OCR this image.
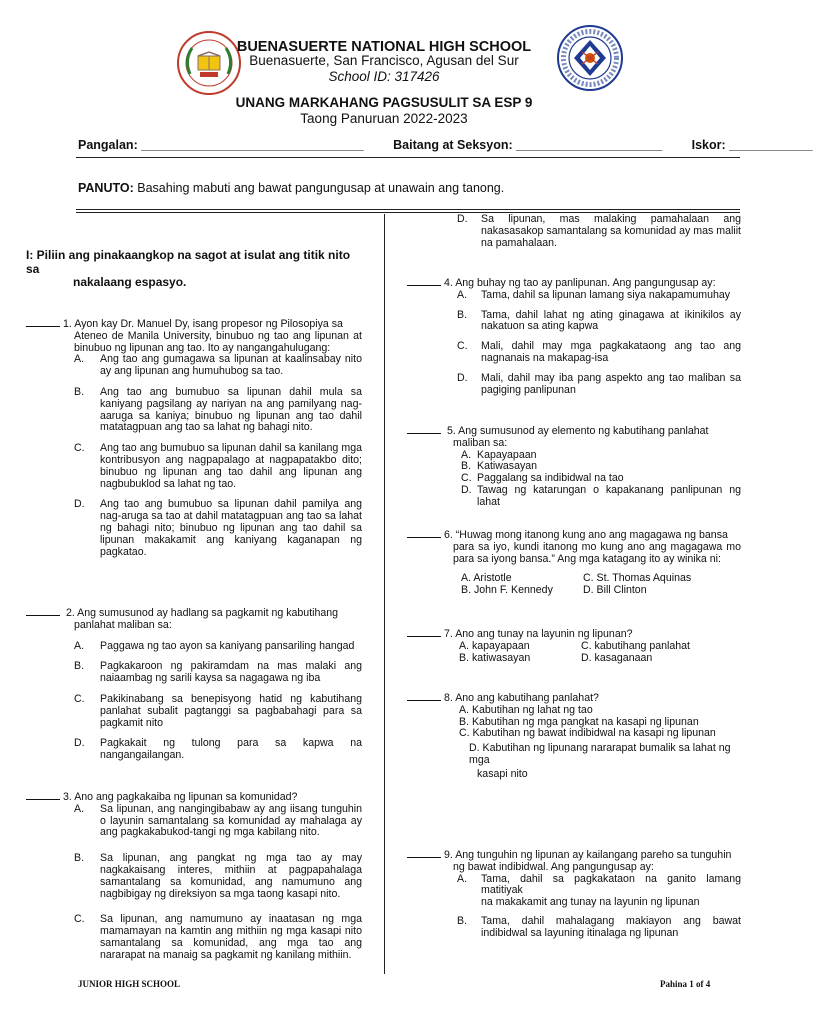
BUENASUERTE NATIONAL HIGH SCHOOL
Buenasuerte, San Francisco, Agusan del Sur
School ID: 317426
UNANG MARKAHANG PAGSUSULIT SA ESP 9
Taong Panuruan 2022-2023
Pangalan: ________________________________ Baitang at Seksyon: _____________________ Iskor: ____________
PANUTO: Basahing mabuti ang bawat pangungusap at unawain ang tanong.
I: Piliin ang pinakaangkop na sagot at isulat ang titik nito sa
nakalaang espasyo.
1. Ayon kay Dr. Manuel Dy, isang propesor ng Pilosopiya sa
Ateneo de Manila University, binubuo ng tao ang lipunan at binubuo ng lipunan ang tao. Ito ay nangangahulugang:
A. Ang tao ang gumagawa sa lipunan at kaalinsabay nito ay ang lipunan ang humuhubog sa tao.
B. Ang tao ang bumubuo sa lipunan dahil mula sa kaniyang pagsilang ay nariyan na ang pamilyang nag-aaruga sa kaniya; binubuo ng lipunan ang tao dahil matatagpuan ang tao sa lahat ng bahagi nito.
C. Ang tao ang bumubuo sa lipunan dahil sa kanilang mga kontribusyon ang nagpapalago at nagpapatakbo dito; binubuo ng lipunan ang tao dahil ang lipunan ang nagbubuklod sa lahat ng tao.
D. Ang tao ang bumubuo sa lipunan dahil pamilya ang nag-aruga sa tao at dahil matatagpuan ang tao sa lahat ng bahagi nito; binubuo ng lipunan ang tao dahil sa lipunan makakamit ang kaniyang kaganapan ng pagkatao.
2. Ang sumusunod ay hadlang sa pagkamit ng kabutihang
panlahat maliban sa:
A. Paggawa ng tao ayon sa kaniyang pansariling hangad
B. Pagkakaroon ng pakiramdam na mas malaki ang naiaambag ng sarili kaysa sa nagagawa ng iba
C. Pakikinabang sa benepisyong hatid ng kabutihang panlahat subalit pagtanggi sa pagbabahagi para sa pagkamit nito
D. Pagkakait ng tulong para sa kapwa na nangangailangan.
3. Ano ang pagkakaiba ng lipunan sa komunidad?
A. Sa lipunan, ang nangingibabaw ay ang iisang tunguhin o layunin samantalang sa komunidad ay mahalaga ay ang pagkakabukod-tangi ng mga kabilang nito.
B. Sa lipunan, ang pangkat ng mga tao ay may nagkakaisang interes, mithiin at pagpapahalaga samantalang sa komunidad, ang namumuno ang nagbibigay ng direksiyon sa mga taong kasapi nito.
C. Sa lipunan, ang namumuno ay inaatasan ng mga mamamayan na kamtin ang mithiin ng mga kasapi nito samantalang sa komunidad, ang mga tao ang nararapat na manaig sa pagkamit ng kanilang mithiin.
D. Sa lipunan, mas malaking pamahalaan ang nakasasakop samantalang sa komunidad ay mas maliit na pamahalaan.
4. Ang buhay ng tao ay panlipunan. Ang pangungusap ay:
A. Tama, dahil sa lipunan lamang siya nakapamumuhay
B. Tama, dahil lahat ng ating ginagawa at ikinikilos ay nakatuon sa ating kapwa
C. Mali, dahil may mga pagkakataong ang tao ang nagnanais na makapag-isa
D. Mali, dahil may iba pang aspekto ang tao maliban sa pagiging panlipunan
5. Ang sumusunod ay elemento ng kabutihang panlahat
maliban sa:
A. Kapayapaan
B. Katiwasayan
C. Paggalang sa indibidwal na tao
D. Tawag ng katarungan o kapakanang panlipunan ng lahat
6. “Huwag mong itanong kung ano ang magagawa ng bansa
para sa iyo, kundi itanong mo kung ano ang magagawa mo para sa iyong bansa.” Ang mga katagang ito ay winika ni:
A. Aristotle	C. St. Thomas Aquinas
B. John F. Kennedy	D. Bill Clinton
7. Ano ang tunay na layunin ng lipunan?
A. kapayapaan	C. kabutihang panlahat
B. katiwasayan	D. kasaganaan
8. Ano ang kabutihang panlahat?
A. Kabutihan ng lahat ng tao
B. Kabutihan ng mga pangkat na kasapi ng lipunan
C. Kabutihan ng bawat indibidwal na kasapi ng lipunan
D. Kabutihan ng lipunang nararapat bumalik sa lahat ng mga
kasapi nito
9. Ang tunguhin ng lipunan ay kailangang pareho sa tunguhin
ng bawat indibidwal. Ang pangungusap ay:
A. Tama, dahil sa pagkakataon na ganito lamang matitiyak
na makakamit ang tunay na layunin ng lipunan
B. Tama, dahil mahalagang makiayon ang bawat indibidwal sa layuning itinalaga ng lipunan
JUNIOR HIGH SCHOOL	Pahina 1 of 4
